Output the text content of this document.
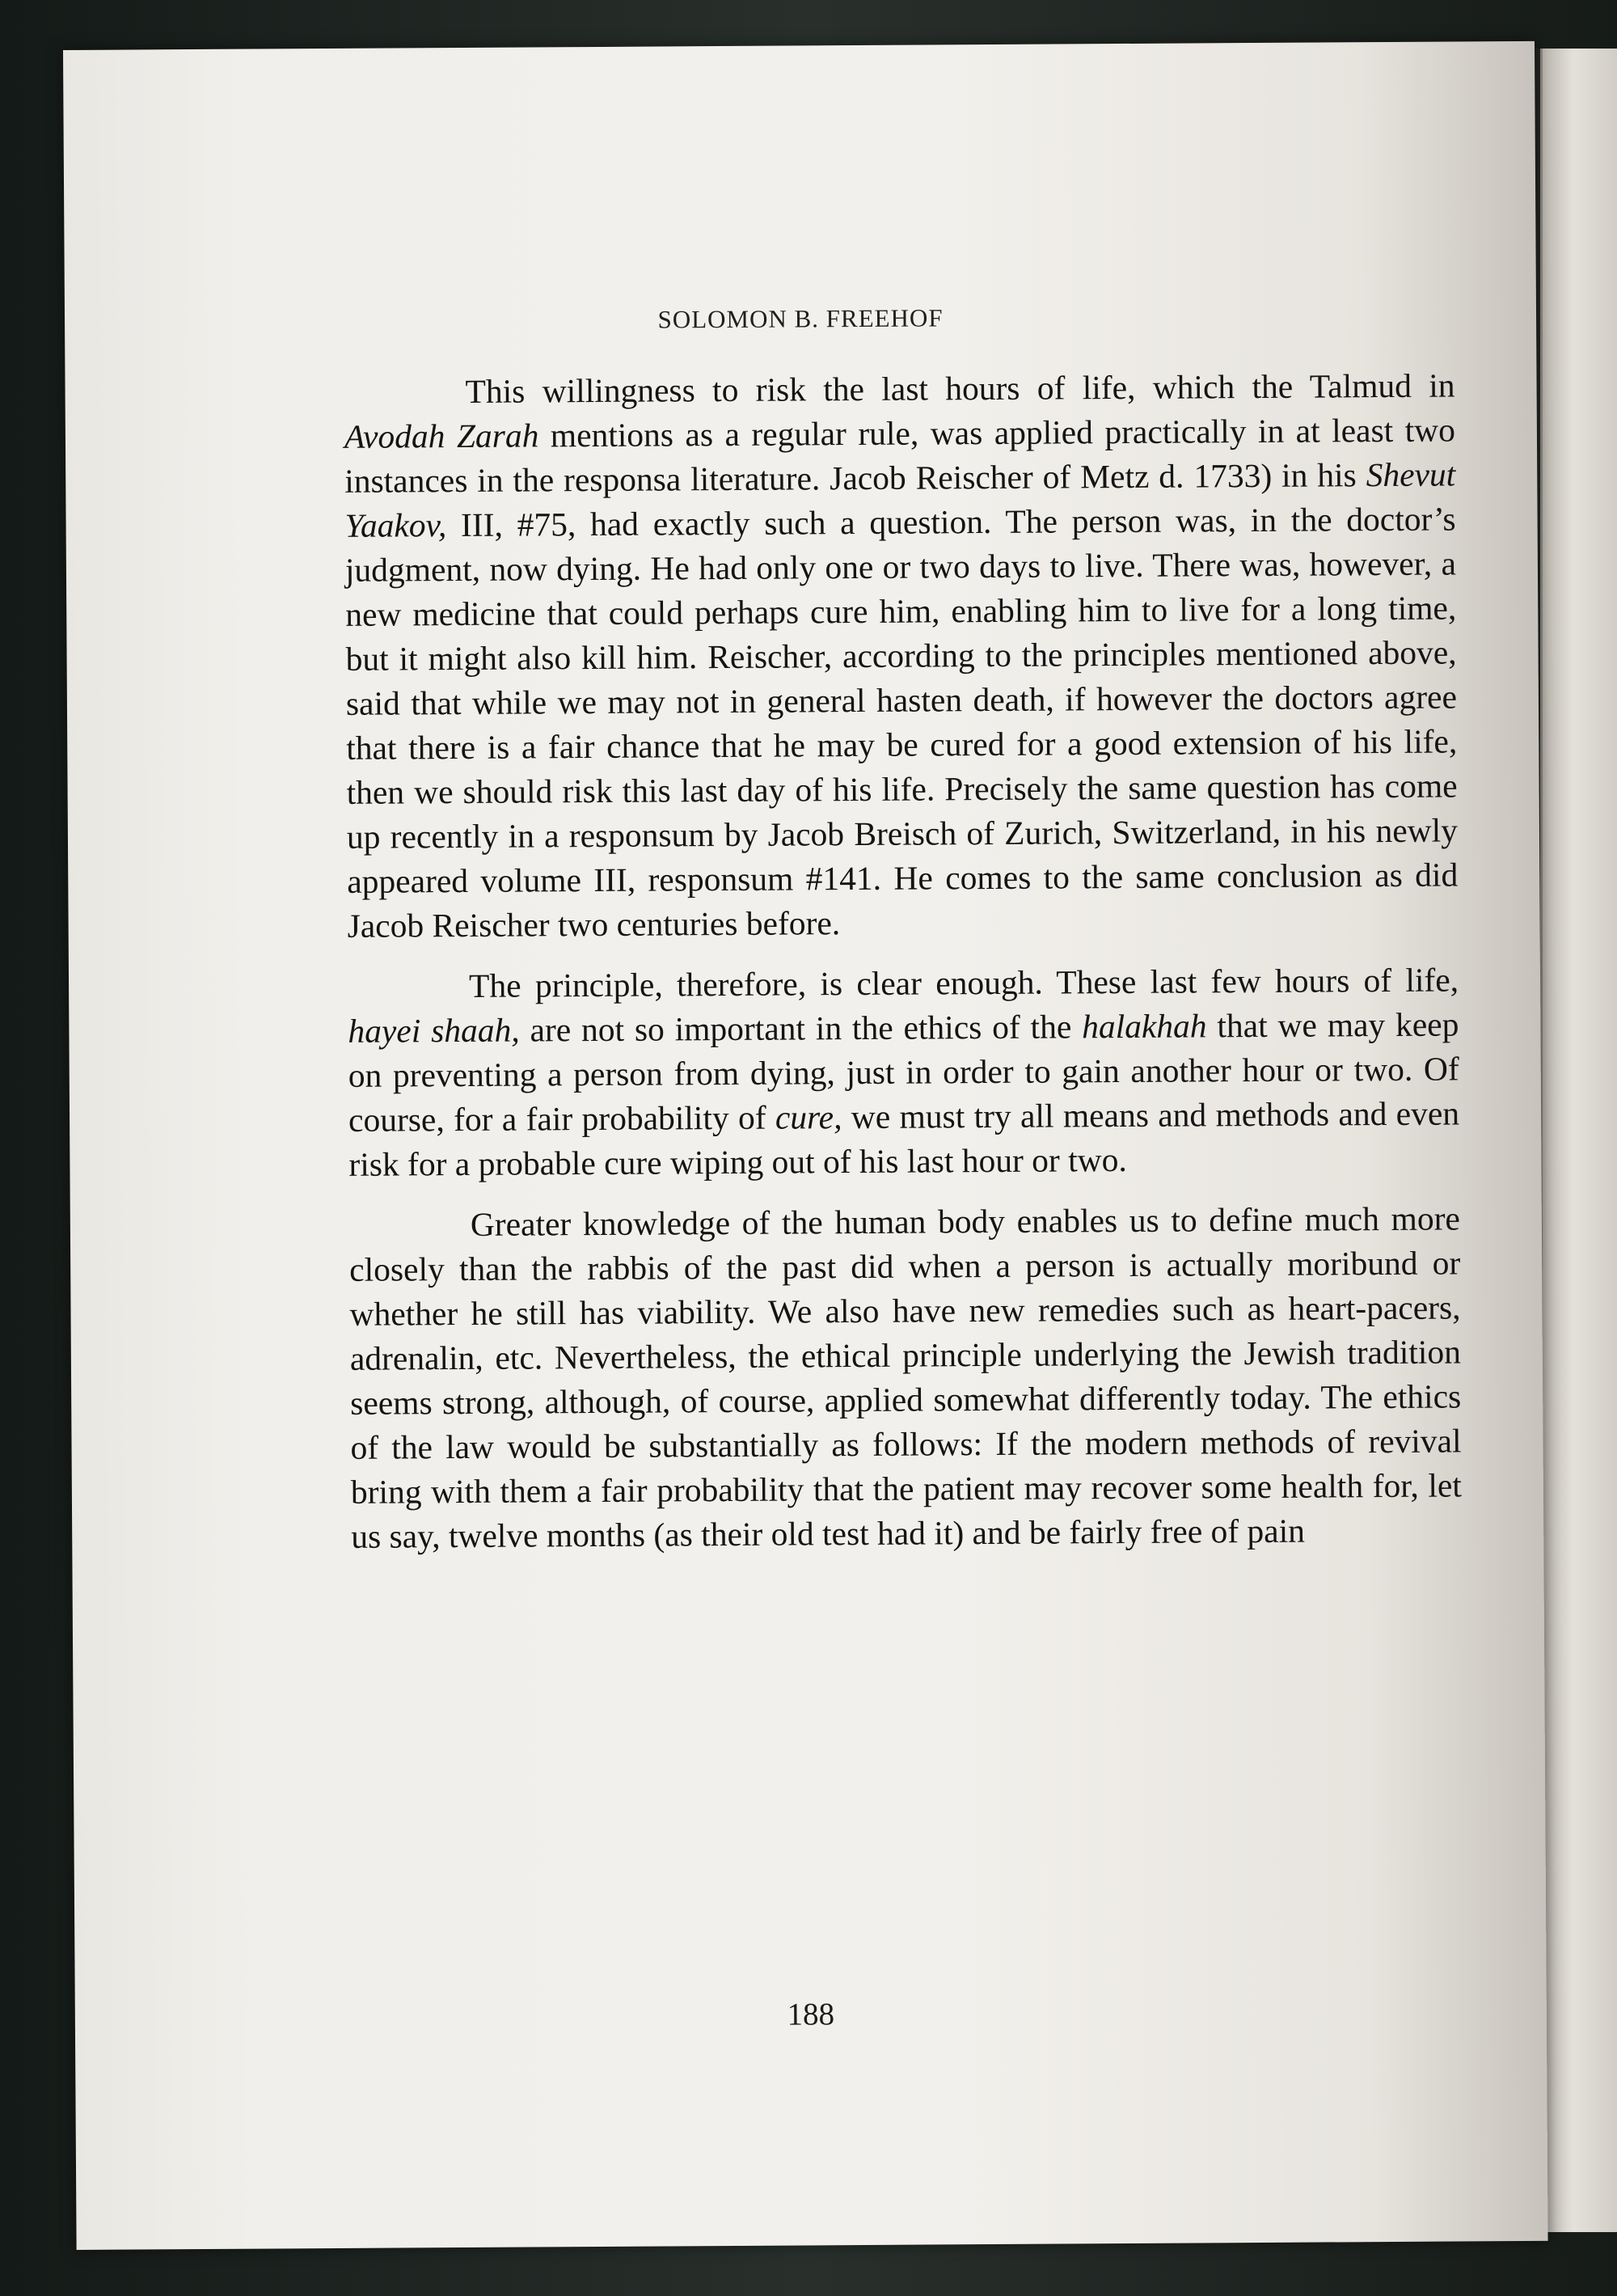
SOLOMON B. FREEHOF

This willingness to risk the last hours of life, which the Talmud in Avodah Zarah mentions as a regular rule, was applied practically in at least two instances in the responsa literature. Jacob Reischer of Metz d. 1733) in his Shevut Yaakov, III, #75, had exactly such a question. The person was, in the doctor’s judgment, now dying. He had only one or two days to live. There was, however, a new medicine that could perhaps cure him, enabling him to live for a long time, but it might also kill him. Reischer, according to the principles mentioned above, said that while we may not in general hasten death, if however the doctors agree that there is a fair chance that he may be cured for a good extension of his life, then we should risk this last day of his life. Precisely the same question has come up recently in a responsum by Jacob Breisch of Zurich, Switzerland, in his newly appeared volume III, responsum #141. He comes to the same conclusion as did Jacob Reischer two centuries before.

The principle, therefore, is clear enough. These last few hours of life, hayei shaah, are not so important in the ethics of the halakhah that we may keep on preventing a person from dying, just in order to gain another hour or two. Of course, for a fair probability of cure, we must try all means and methods and even risk for a probable cure wiping out of his last hour or two.

Greater knowledge of the human body enables us to define much more closely than the rabbis of the past did when a person is actually moribund or whether he still has viability. We also have new remedies such as heart-pacers, adrenalin, etc. Nevertheless, the ethical principle underlying the Jewish tradition seems strong, although, of course, applied somewhat differently today. The ethics of the law would be substantially as follows: If the modern methods of revival bring with them a fair probability that the patient may recover some health for, let us say, twelve months (as their old test had it) and be fairly free of pain

188
